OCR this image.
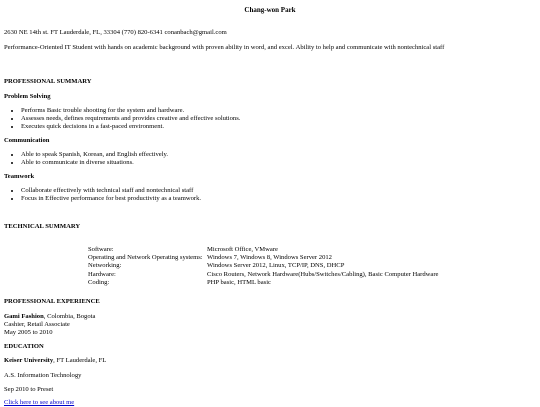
Chang-won Park

2630 NE 14th st. FT Lauderdale, FL, 33304 (770) 820-6341 conanbach@gmail.com

Performance-Oriented IT Student with hands on academic background with proven ability in word, and excel. Ability to help and communicate with nontechnical staff

PROFESSIONAL SUMMARY

Problem Solving

• Performs Basic trouble shooting for the system and hardware.
• Assesses needs, defines requirements and provides creative and effective solutions.
• Executes quick decisions in a fast-paced environment.

Communication

• Able to speak Spanish, Korean, and English effectively.
• Able to communicate in diverse situations.

Teamwork

• Collaborate effectively with technical staff and nontechnical staff
• Focus in Effective performance for best productivity as a teamwork.

TECHNICAL SUMMARY

Software:	Microsoft Office, VMware
Operating and Network Operating systems:	Windows 7, Windows 8, Windows Server 2012
Networking:	Windows Server 2012, Linux, TCP/IP, DNS, DHCP
Hardware:	Cisco Routers, Network Hardware(Hubs/Switches/Cabling), Basic Computer Hardware
Coding:	PHP basic, HTML basic

PROFESSIONAL EXPERIENCE

Gami Fashion, Colombia, Bogota
Cashier, Retail Associate
May 2005 to 2010

EDUCATION

Keiser University, FT Lauderdale, FL

A.S. Information Technology

Sep 2010 to Preset

Click here to see about me
